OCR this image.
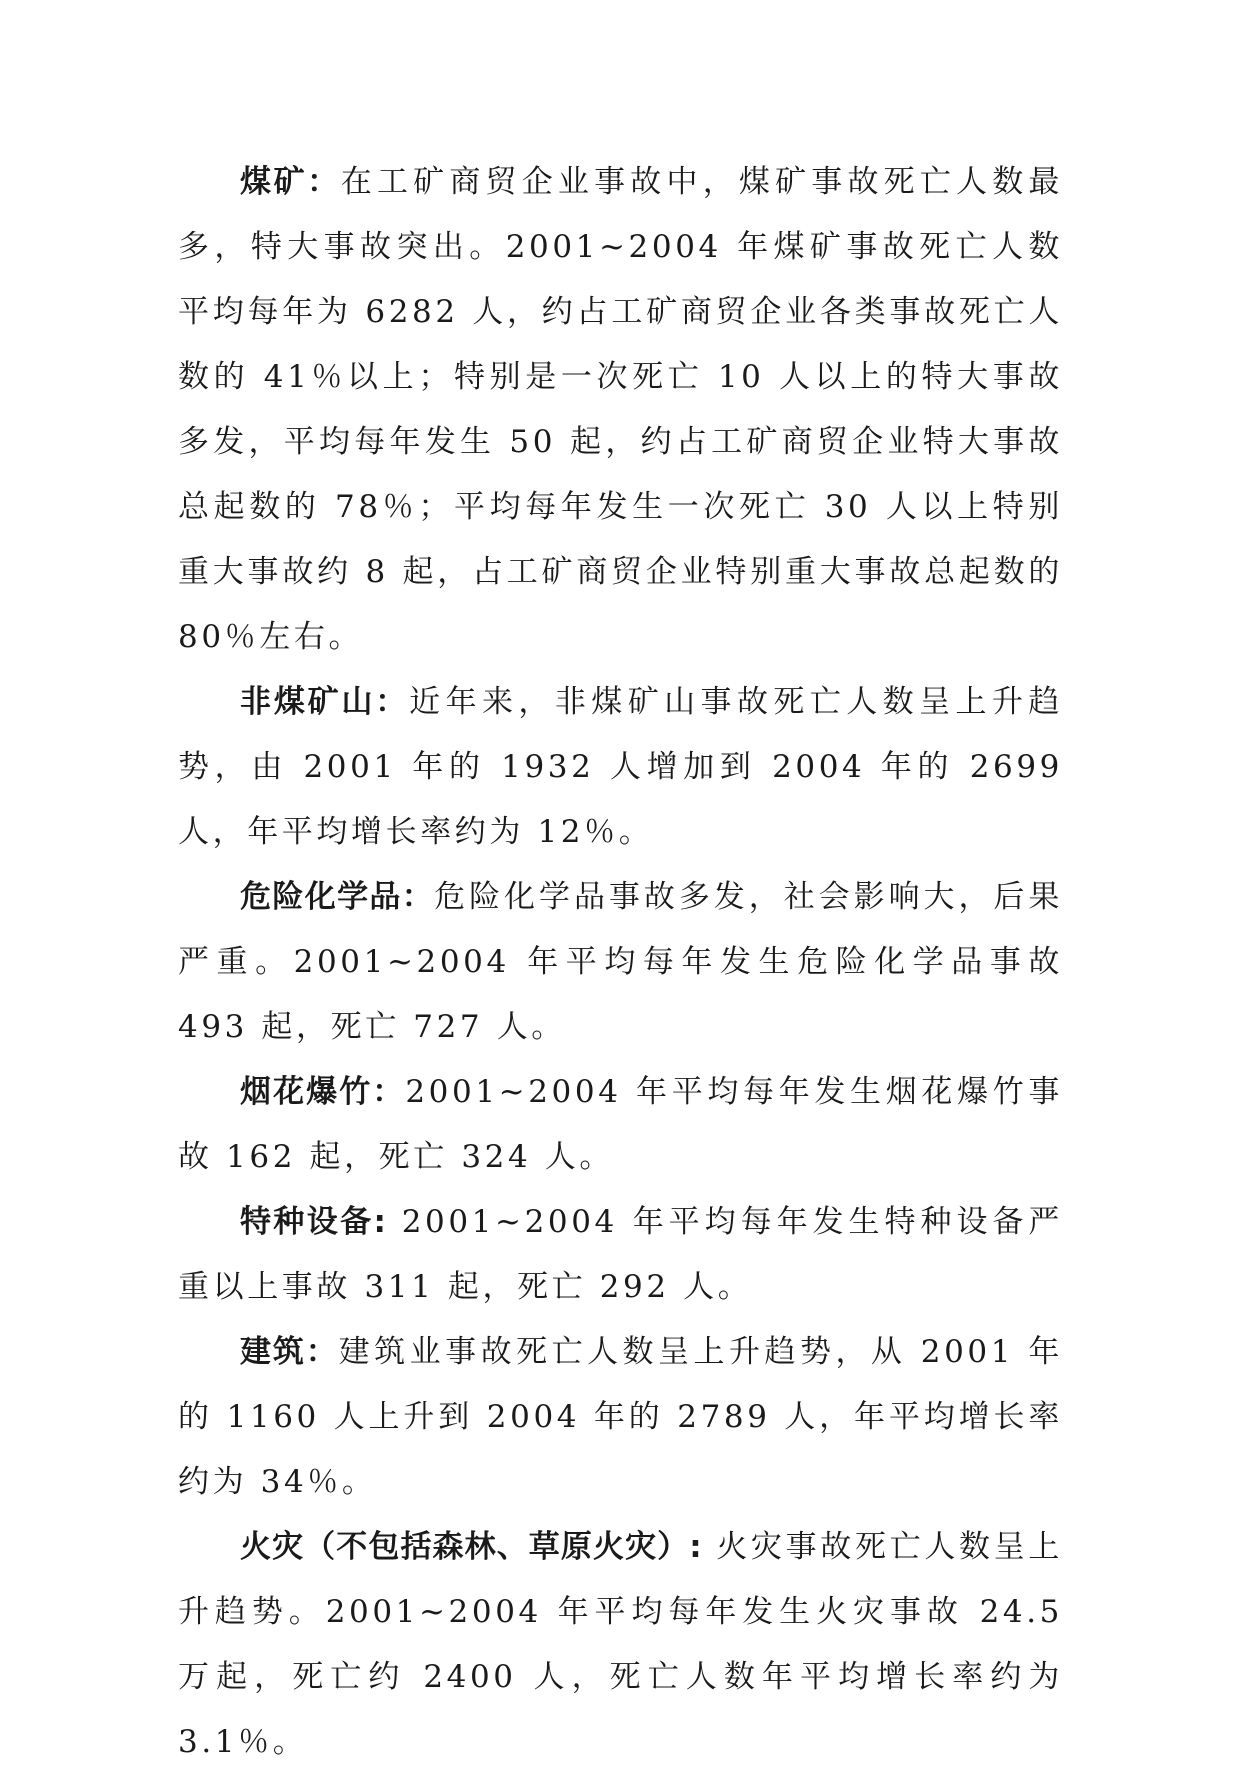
煤矿：在工矿商贸企业事故中，煤矿事故死亡人数最多，特大事故突出。2001~2004 年煤矿事故死亡人数平均每年为 6282 人，约占工矿商贸企业各类事故死亡人数的 41％以上；特别是一次死亡 10 人以上的特大事故多发，平均每年发生 50 起，约占工矿商贸企业特大事故总起数的 78％；平均每年发生一次死亡 30 人以上特别重大事故约 8 起，占工矿商贸企业特别重大事故总起数的 80％左右。

非煤矿山：近年来，非煤矿山事故死亡人数呈上升趋势，由 2001 年的 1932 人增加到 2004 年的 2699 人，年平均增长率约为 12％。

危险化学品：危险化学品事故多发，社会影响大，后果严重。2001~2004 年平均每年发生危险化学品事故 493 起，死亡 727 人。

烟花爆竹：2001~2004 年平均每年发生烟花爆竹事故 162 起，死亡 324 人。

特种设备: 2001~2004 年平均每年发生特种设备严重以上事故 311 起，死亡 292 人。

建筑：建筑业事故死亡人数呈上升趋势，从 2001 年的 1160 人上升到 2004 年的 2789 人，年平均增长率约为 34％。

火灾（不包括森林、草原火灾）: 火灾事故死亡人数呈上升趋势。2001~2004 年平均每年发生火灾事故 24.5 万起，死亡约 2400 人，死亡人数年平均增长率约为 3.1％。
